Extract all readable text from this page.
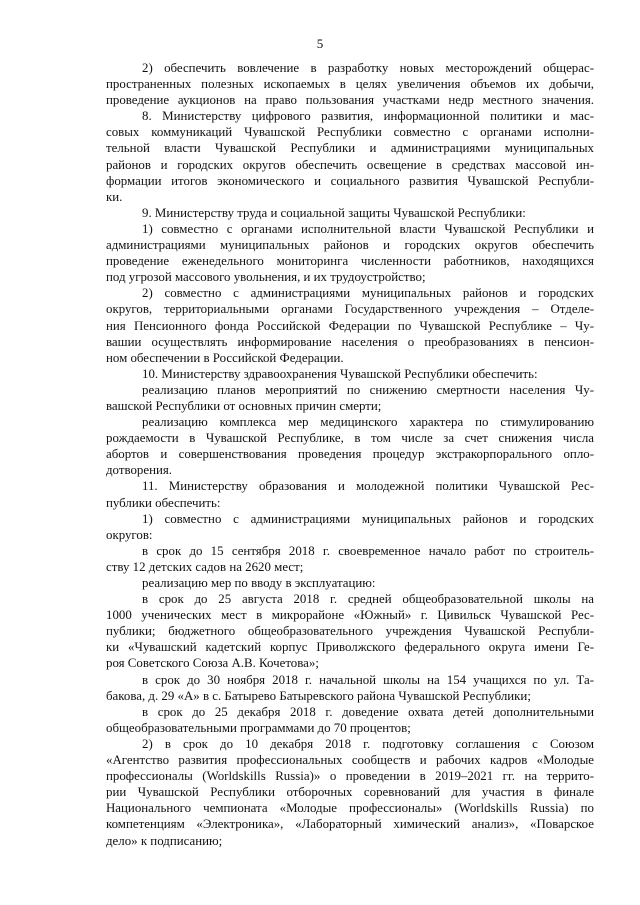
5
2) обеспечить вовлечение в разработку новых месторождений общерас-
пространенных полезных ископаемых в целях увеличения объемов их добычи,
проведение аукционов на право пользования участками недр местного значения.
8. Министерству цифрового развития, информационной политики и мас-
совых коммуникаций Чувашской Республики совместно с органами исполни-
тельной власти Чувашской Республики и администрациями муниципальных
районов и городских округов обеспечить освещение в средствах массовой ин-
формации итогов экономического и социального развития Чувашской Республи-
ки.
9. Министерству труда и социальной защиты Чувашской Республики:
1) совместно с органами исполнительной власти Чувашской Республики и
администрациями муниципальных районов и городских округов обеспечить
проведение еженедельного мониторинга численности работников, находящихся
под угрозой массового увольнения, и их трудоустройство;
2) совместно с администрациями муниципальных районов и городских
округов, территориальными органами Государственного учреждения – Отделе-
ния Пенсионного фонда Российской Федерации по Чувашской Республике – Чу-
вашии осуществлять информирование населения о преобразованиях в пенсион-
ном обеспечении в Российской Федерации.
10. Министерству здравоохранения Чувашской Республики обеспечить:
реализацию планов мероприятий по снижению смертности населения Чу-
вашской Республики от основных причин смерти;
реализацию комплекса мер медицинского характера по стимулированию
рождаемости в Чувашской Республике, в том числе за счет снижения числа
абортов и совершенствования проведения процедур экстракорпорального оплo-
дотворения.
11. Министерству образования и молодежной политики Чувашской Рес-
публики обеспечить:
1) совместно с администрациями муниципальных районов и городских
округов:
в срок до 15 сентября 2018 г. своевременное начало работ по строитель-
ству 12 детских садов на 2620 мест;
реализацию мер по вводу в эксплуатацию:
в срок до 25 августа 2018 г. средней общеобразовательной школы на
1000 ученических мест в микрорайоне «Южный» г. Цивильск Чувашской Рес-
публики; бюджетного общеобразовательного учреждения Чувашской Республи-
ки «Чувашский кадетский корпус Приволжского федерального округа имени Ге-
роя Советского Союза А.В. Кочетова»;
в срок до 30 ноября 2018 г. начальной школы на 154 учащихся по ул. Та-
бакова, д. 29 «А» в с. Батырево Батыревского района Чувашской Республики;
в срок до 25 декабря 2018 г. доведение охвата детей дополнительными
общеобразовательными программами до 70 процентов;
2) в срок до 10 декабря 2018 г. подготовку соглашения с Союзом
«Агентство развития профессиональных сообществ и рабочих кадров «Молодые
профессионалы (Worldskills Russia)» о проведении в 2019–2021 гг. на террито-
рии Чувашской Республики отборочных соревнований для участия в финале
Национального чемпионата «Молодые профессионалы» (Worldskills Russia) по
компетенциям «Электроника», «Лабораторный химический анализ», «Поварское
дело» к подписанию;
